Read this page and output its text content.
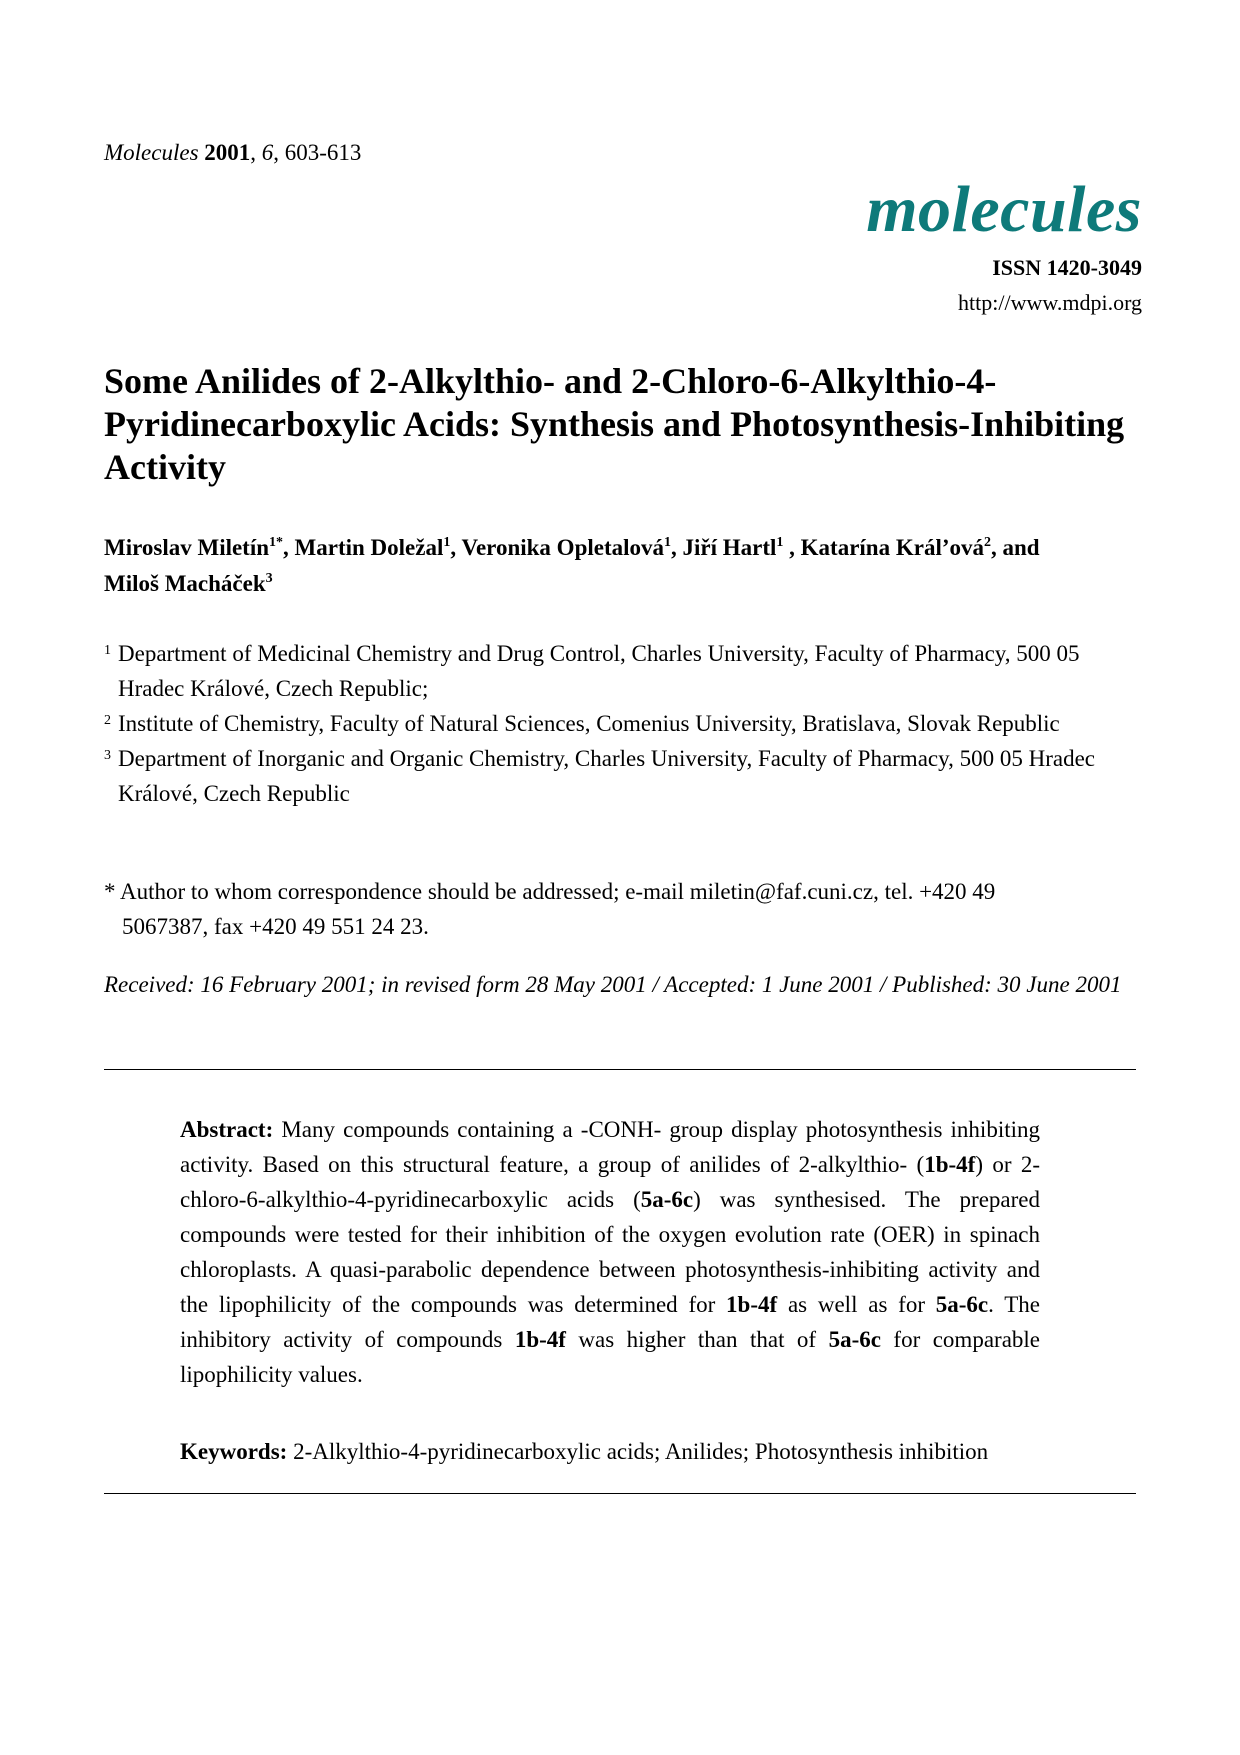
Molecules 2001, 6, 603-613
molecules
ISSN 1420-3049
http://www.mdpi.org
Some Anilides of 2-Alkylthio- and 2-Chloro-6-Alkylthio-4-Pyridinecarboxylic Acids: Synthesis and Photosynthesis-Inhibiting Activity
Miroslav Miletín$^{1*}$, Martin Doležal$^1$, Veronika Opletalová$^1$, Jiří Hartl$^1$ , Katarína Král’ová$^2$, and
Miloš Macháček$^3$
1 Department of Medicinal Chemistry and Drug Control, Charles University, Faculty of Pharmacy, 500 05 Hradec Králové, Czech Republic;
2 Institute of Chemistry, Faculty of Natural Sciences, Comenius University, Bratislava, Slovak Republic
3 Department of Inorganic and Organic Chemistry, Charles University, Faculty of Pharmacy, 500 05 Hradec Králové, Czech Republic
* Author to whom correspondence should be addressed; e-mail miletin@faf.cuni.cz, tel. +420 49
5067387, fax +420 49 551 24 23.
Received: 16 February 2001; in revised form 28 May 2001 / Accepted: 1 June 2001 / Published: 30 June 2001
Abstract: Many compounds containing a -CONH- group display photosynthesis inhibiting activity. Based on this structural feature, a group of anilides of 2-alkylthio- (1b-4f) or 2-chloro-6-alkylthio-4-pyridinecarboxylic acids (5a-6c) was synthesised. The prepared compounds were tested for their inhibition of the oxygen evolution rate (OER) in spinach chloroplasts. A quasi-parabolic dependence between photosynthesis-inhibiting activity and the lipophilicity of the compounds was determined for 1b-4f as well as for 5a-6c. The inhibitory activity of compounds 1b-4f was higher than that of 5a-6c for comparable lipophilicity values.
Keywords: 2-Alkylthio-4-pyridinecarboxylic acids; Anilides; Photosynthesis inhibition
